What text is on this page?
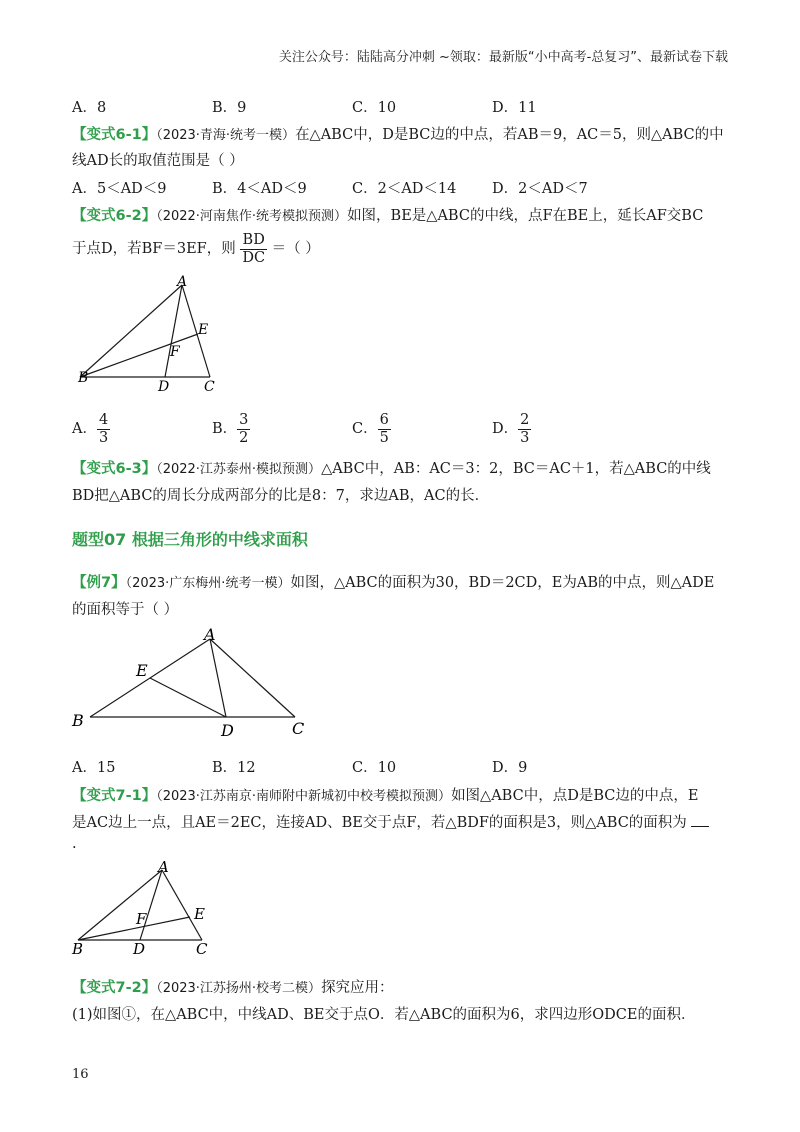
关注公众号：陆陆高分冲刺 ~领取：最新版“小中高考-总复习”、最新试卷下载
A．8	B．9	C．10	D．11
【变式6-1】（2023·青海·统考一模）在△ABC中，D是BC边的中点，若AB＝9，AC＝5，则△ABC的中
线AD长的取值范围是（ ）
A．5＜AD＜9	B．4＜AD＜9	C．2＜AD＜14 D．2＜AD＜7
【变式6-2】（2022·河南焦作·统考模拟预测）如图，BE是△ABC的中线，点F在BE上，延长AF交BC
于点D，若BF＝3EF，则 $\frac{BD}{DC}$ ＝（ ）
A
B
C
D
E
F
A． $\frac{4}{3}$	B． $\frac{3}{2}$	C． $\frac{6}{5}$	D． $\frac{2}{3}$
【变式6-3】（2022·江苏泰州·模拟预测）△ABC中，AB：AC＝3：2，BC＝AC＋1，若△ABC的中线
BD把△ABC的周长分成两部分的比是8：7，求边AB，AC的长．
题型07 根据三角形的中线求面积
【例7】（2023·广东梅州·统考一模）如图，△ABC的面积为30，BD＝2CD，E为AB的中点，则△ADE
的面积等于（ ）
A
B	C
D
E
A．15	B．12	C．10	D．9
【变式7-1】（2023·江苏南京·南师附中新城初中校考模拟预测）如图△ABC中，点D是BC边的中点，E
是AC边上一点，且AE＝2EC，连接AD、BE交于点F，若△BDF的面积是3，则△ABC的面积为
.
A
B	C
D
E
F
【变式7-2】（2023·江苏扬州·校考二模）探究应用：
(1)如图①，在△ABC中，中线AD、BE交于点O．若△ABC的面积为6，求四边形ODCE的面积．
16
